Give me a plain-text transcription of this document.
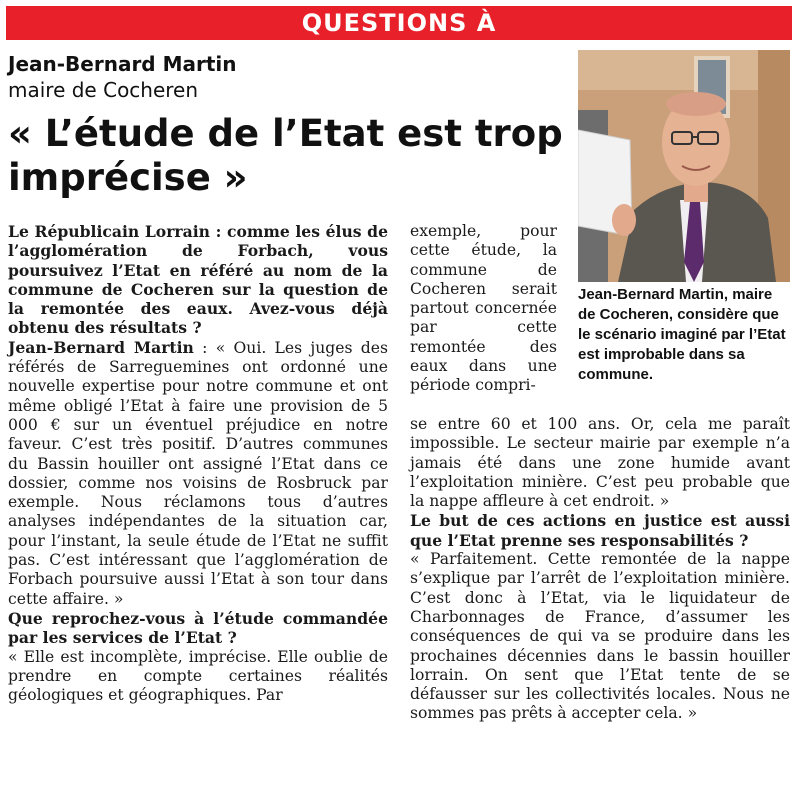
QUESTIONS À
Jean-Bernard Martin
maire de Cocheren
« L’étude de l’Etat est trop imprécise »
Jean-Bernard Martin, maire de Cocheren, considère que le scénario imaginé par l’Etat est improbable dans sa commune.

Le Républicain Lorrain : comme les élus de l’agglomération de Forbach, vous poursuivez l’Etat en référé au nom de la commune de Cocheren sur la question de la remontée des eaux. Avez-vous déjà obtenu des résultats ?

Jean-Bernard Martin : « Oui. Les juges des référés de Sarreguemines ont ordonné une nouvelle expertise pour notre commune et ont même obligé l’Etat à faire une provision de 5 000 € sur un éventuel préjudice en notre faveur. C’est très positif. D’autres communes du Bassin houiller ont assigné l’Etat dans ce dossier, comme nos voisins de Rosbruck par exemple. Nous réclamons tous d’autres analyses indépendantes de la situation car, pour l’instant, la seule étude de l’Etat ne suffit pas. C’est intéressant que l’agglomération de Forbach poursuive aussi l’Etat à son tour dans cette affaire. »

Que reprochez-vous à l’étude commandée par les services de l’Etat ?

« Elle est incomplète, imprécise. Elle oublie de prendre en compte certaines réalités géologiques et géographiques. Par

exemple, pour cette étude, la commune de Cocheren serait partout concernée par cette remontée des eaux dans une période compri-

se entre 60 et 100 ans. Or, cela me paraît impossible. Le secteur mairie par exemple n’a jamais été dans une zone humide avant l’exploitation minière. C’est peu probable que la nappe affleure à cet endroit. »

Le but de ces actions en justice est aussi que l’Etat prenne ses responsabilités ?

« Parfaitement. Cette remontée de la nappe s’explique par l’arrêt de l’exploitation minière. C’est donc à l’Etat, via le liquidateur de Charbonnages de France, d’assumer les conséquences de qui va se produire dans les prochaines décennies dans le bassin houiller lorrain. On sent que l’Etat tente de se défausser sur les collectivités locales. Nous ne sommes pas prêts à accepter cela. »
